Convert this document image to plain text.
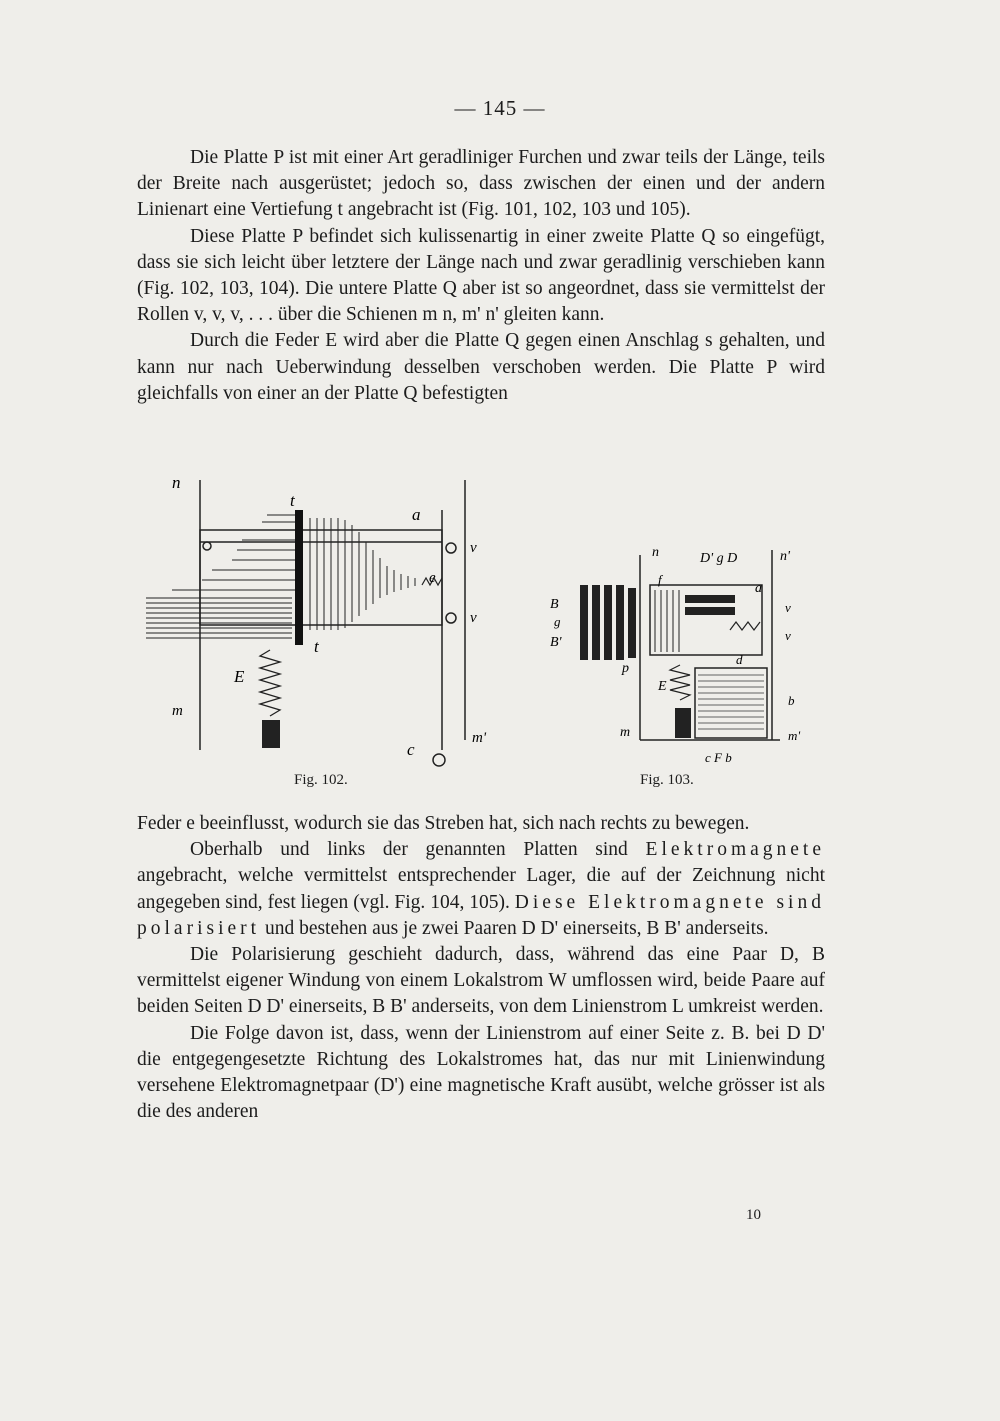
— 145 —

Die Platte P ist mit einer Art geradliniger Furchen und zwar teils der Länge, teils der Breite nach ausgerüstet; jedoch so, dass zwischen der einen und der andern Linienart eine Vertiefung t angebracht ist (Fig. 101, 102, 103 und 105).

Diese Platte P befindet sich kulissenartig in einer zweite Platte Q so eingefügt, dass sie sich leicht über letztere der Länge nach und zwar geradlinig verschieben kann (Fig. 102, 103, 104). Die untere Platte Q aber ist so angeordnet, dass sie vermittelst der Rollen v, v, v, . . . über die Schienen m n, m' n' gleiten kann.

Durch die Feder E wird aber die Platte Q gegen einen Anschlag s gehalten, und kann nur nach Ueberwindung desselben verschoben werden. Die Platte P wird gleichfalls von einer an der Platte Q befestigten

n
t
a
v
e
v
t
E
m
c
m'
n	D' g D	n'
f
a
B
g
B'
v
v
p
d
E
b
m
c F b
m'
Fig. 102.	Fig. 103.

Feder e beeinflusst, wodurch sie das Streben hat, sich nach rechts zu bewegen.

Oberhalb und links der genannten Platten sind Elektromagnete angebracht, welche vermittelst entsprechender Lager, die auf der Zeichnung nicht angegeben sind, fest liegen (vgl. Fig. 104, 105). Diese Elektromagnete sind polarisiert und bestehen aus je zwei Paaren D D' einerseits, B B' anderseits.

Die Polarisierung geschieht dadurch, dass, während das eine Paar D, B vermittelst eigener Windung von einem Lokalstrom W umflossen wird, beide Paare auf beiden Seiten D D' einerseits, B B' anderseits, von dem Linienstrom L umkreist werden.

Die Folge davon ist, dass, wenn der Linienstrom auf einer Seite z. B. bei D D' die entgegengesetzte Richtung des Lokalstromes hat, das nur mit Linienwindung versehene Elektromagnetpaar (D') eine magnetische Kraft ausübt, welche grösser ist als die des anderen

10
